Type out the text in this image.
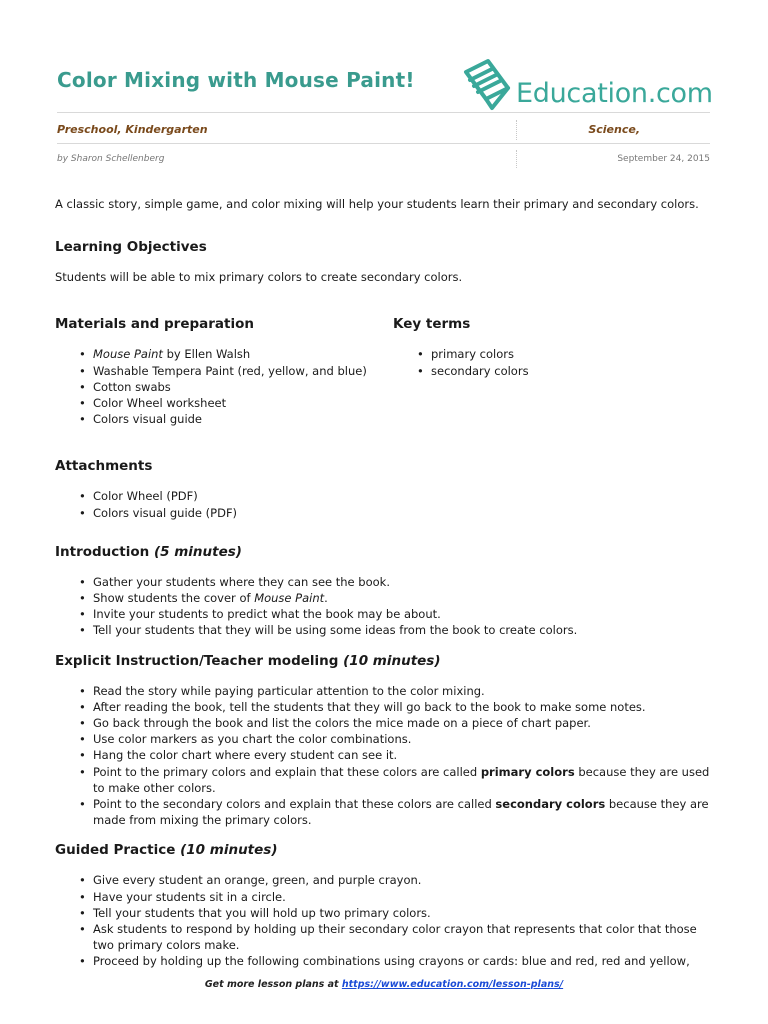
Color Mixing with Mouse Paint!	Education.com
Preschool, Kindergarten	Science,
by Sharon Schellenberg	September 24, 2015

A classic story, simple game, and color mixing will help your students learn their primary and secondary colors.

Learning Objectives

Students will be able to mix primary colors to create secondary colors.

Materials and preparation
• Mouse Paint by Ellen Walsh
• Washable Tempera Paint (red, yellow, and blue)
• Cotton swabs
• Color Wheel worksheet
• Colors visual guide
Key terms
• primary colors
• secondary colors
Attachments
• Color Wheel (PDF)
• Colors visual guide (PDF)
Introduction (5 minutes)
• Gather your students where they can see the book.
• Show students the cover of Mouse Paint.
• Invite your students to predict what the book may be about.
• Tell your students that they will be using some ideas from the book to create colors.
Explicit Instruction/Teacher modeling (10 minutes)
• Read the story while paying particular attention to the color mixing.
• After reading the book, tell the students that they will go back to the book to make some notes.
• Go back through the book and list the colors the mice made on a piece of chart paper.
• Use color markers as you chart the color combinations.
• Hang the color chart where every student can see it.
• Point to the primary colors and explain that these colors are called primary colors because they are used to make other colors.
• Point to the secondary colors and explain that these colors are called secondary colors because they are made from mixing the primary colors.
Guided Practice (10 minutes)
• Give every student an orange, green, and purple crayon.
• Have your students sit in a circle.
• Tell your students that you will hold up two primary colors.
• Ask students to respond by holding up their secondary color crayon that represents that color that those two primary colors make.
• Proceed by holding up the following combinations using crayons or cards: blue and red, red and yellow,
Get more lesson plans at https://www.education.com/lesson-plans/
